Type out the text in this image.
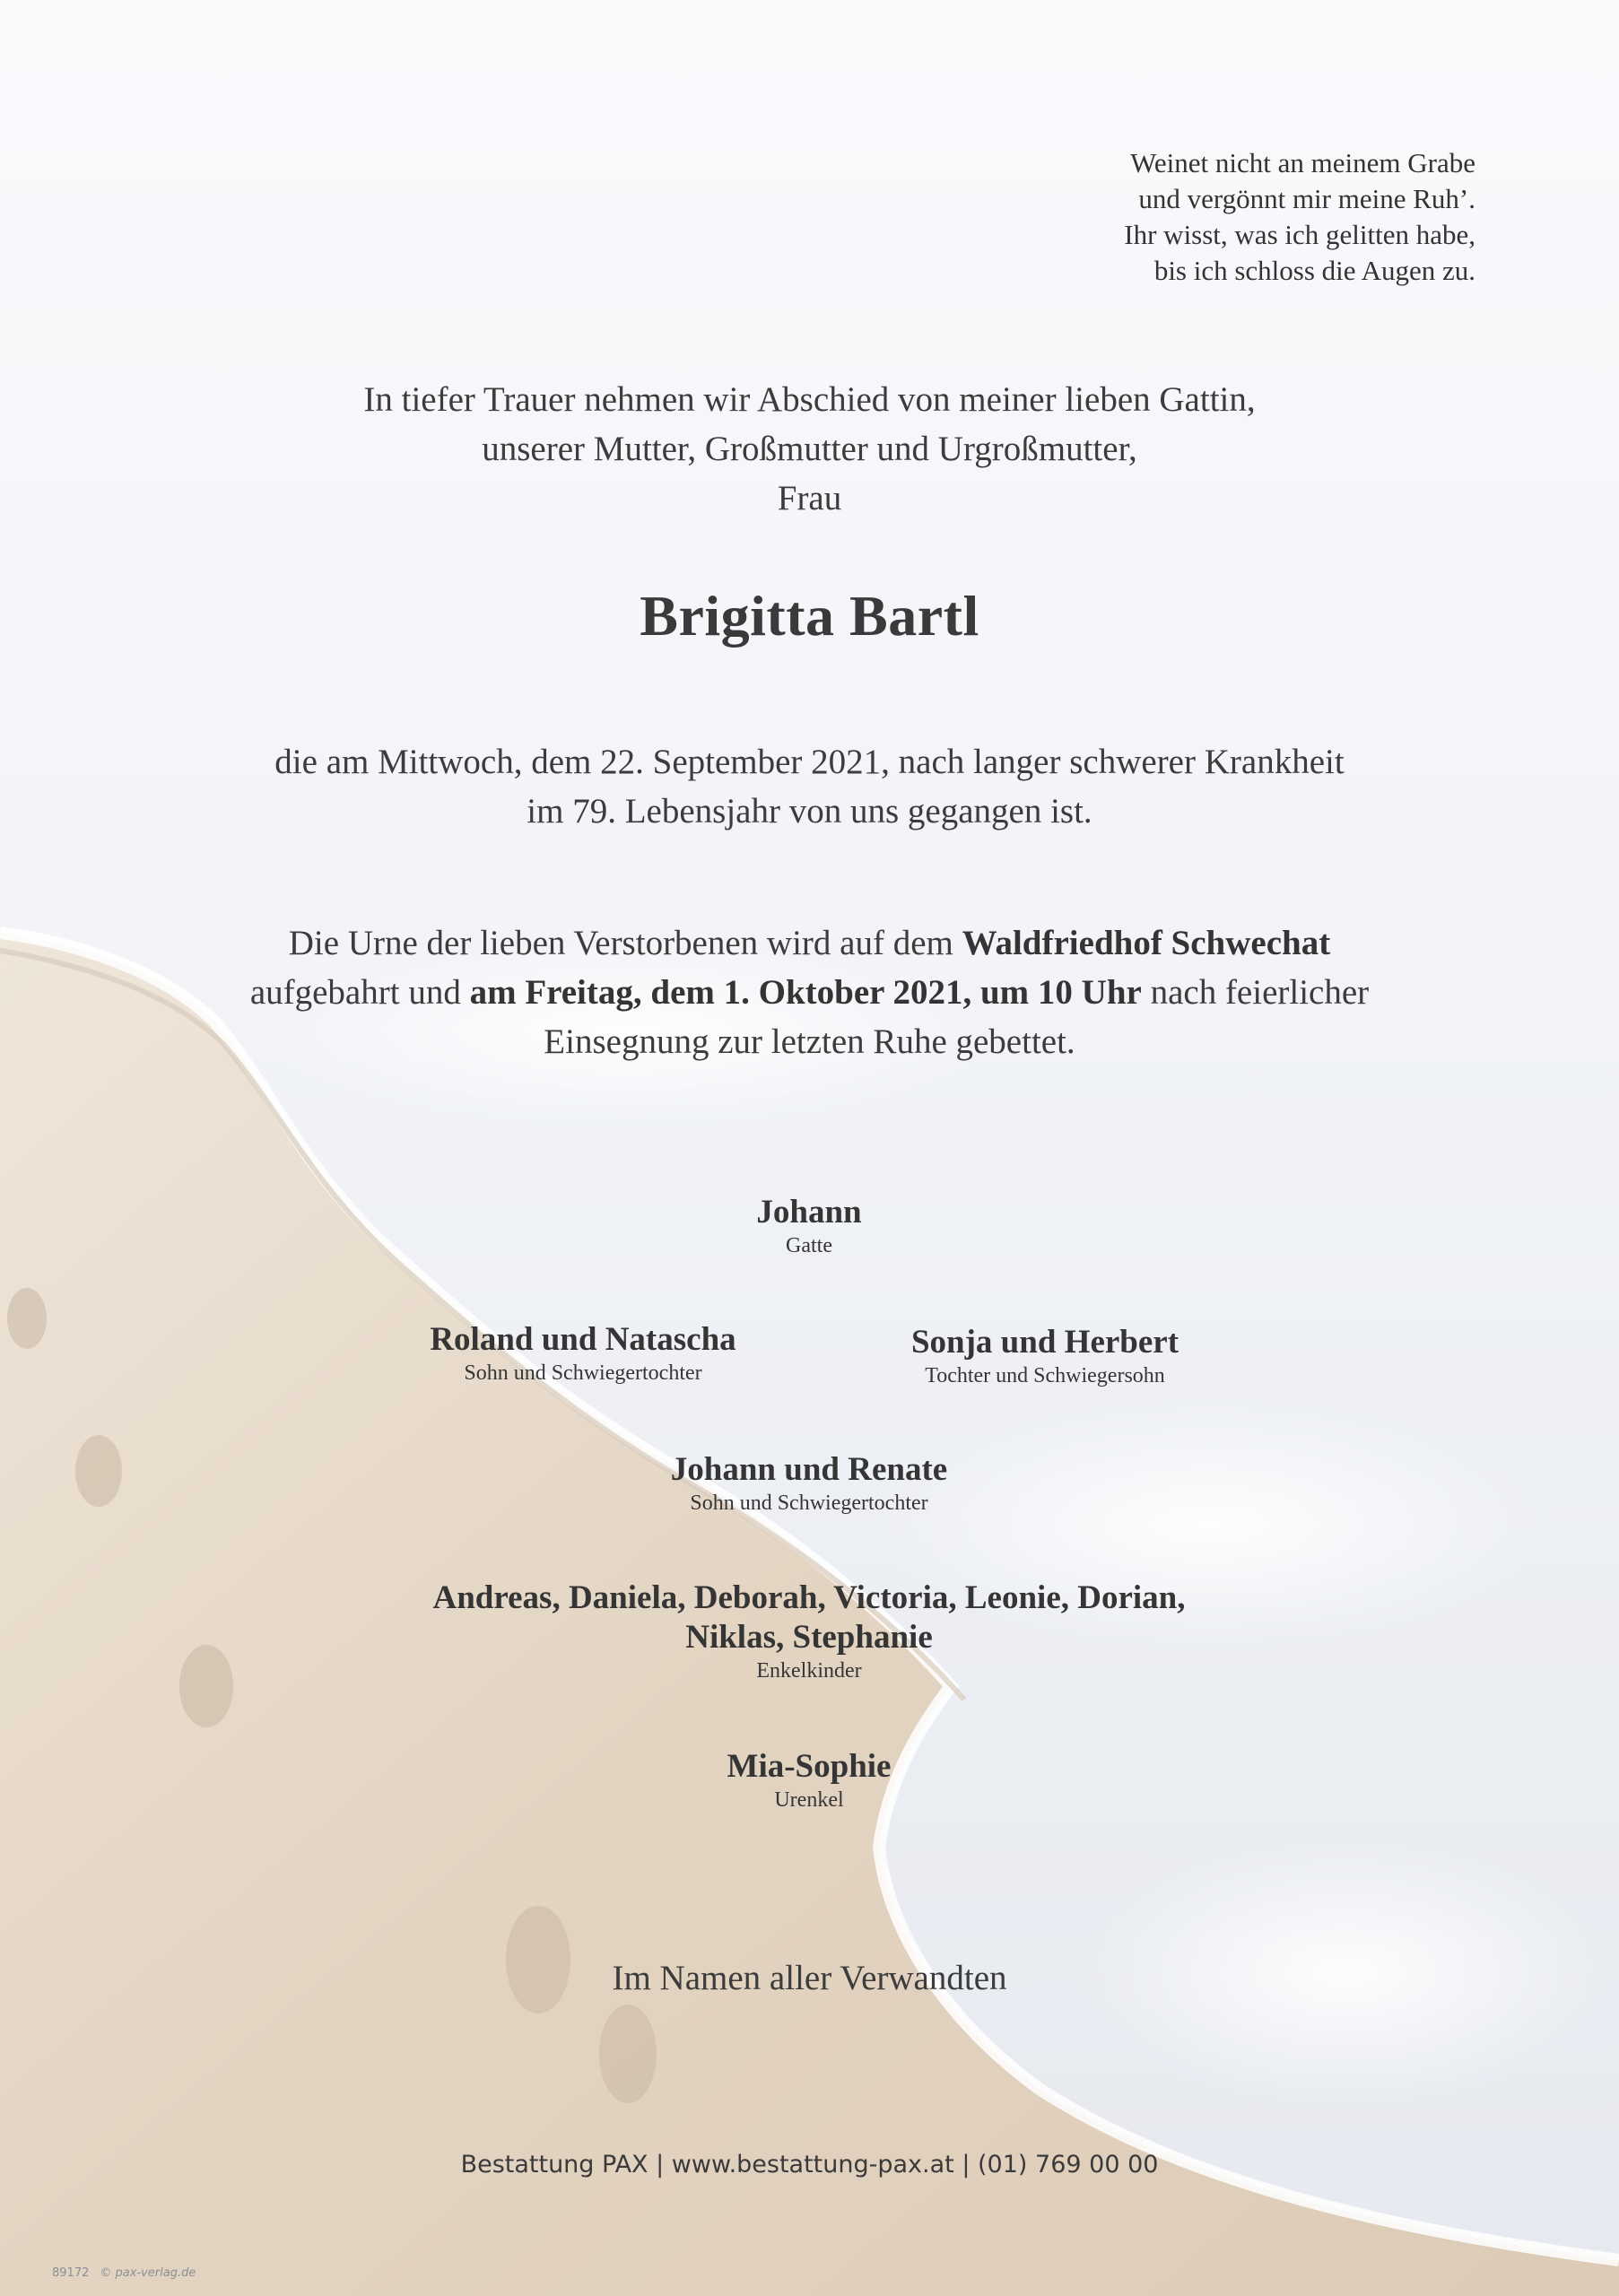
Weinet nicht an meinem Grabe
und vergönnt mir meine Ruh’.
Ihr wisst, was ich gelitten habe,
bis ich schloss die Augen zu.
In tiefer Trauer nehmen wir Abschied von meiner lieben Gattin,
unserer Mutter, Großmutter und Urgroßmutter,
Frau
Brigitta Bartl
die am Mittwoch, dem 22. September 2021, nach langer schwerer Krankheit
im 79. Lebensjahr von uns gegangen ist.
Die Urne der lieben Verstorbenen wird auf dem Waldfriedhof Schwechat
aufgebahrt und am Freitag, dem 1. Oktober 2021, um 10 Uhr nach feierlicher
Einsegnung zur letzten Ruhe gebettet.
Johann
Gatte
Roland und Natascha
Sohn und Schwiegertochter
Sonja und Herbert
Tochter und Schwiegersohn
Johann und Renate
Sohn und Schwiegertochter
Andreas, Daniela, Deborah, Victoria, Leonie, Dorian,
Niklas, Stephanie
Enkelkinder
Mia-Sophie
Urenkel
Im Namen aller Verwandten
Bestattung PAX | www.bestattung-pax.at | (01) 769 00 00
89172 © pax-verlag.de
